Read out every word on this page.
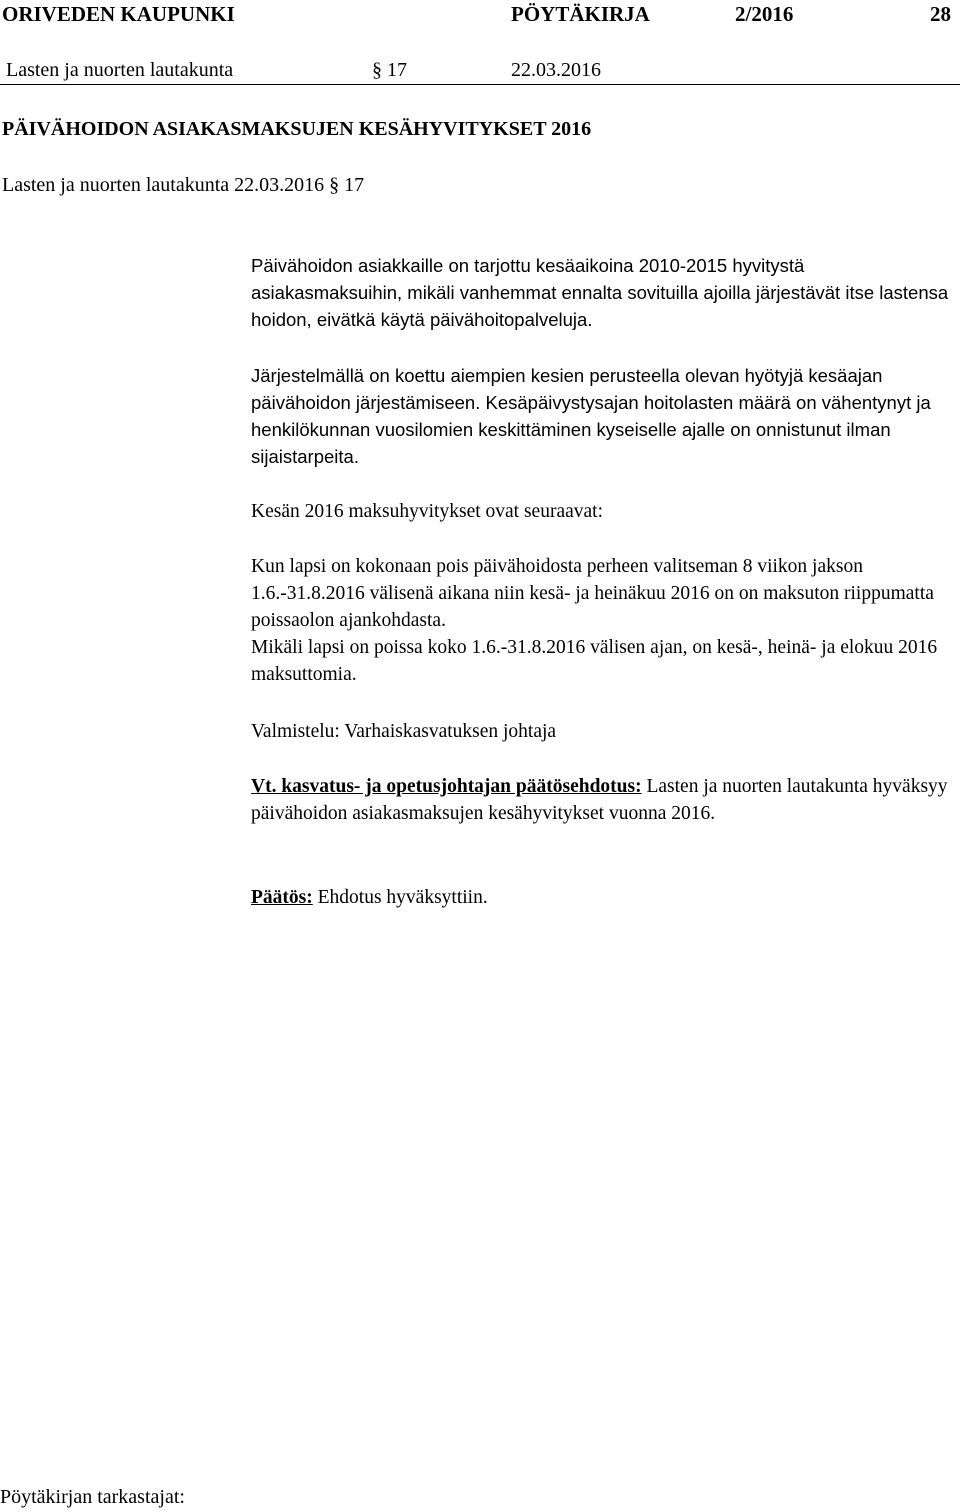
ORIVEDEN KAUPUNKI	PÖYTÄKIRJA	2/2016	28
Lasten ja nuorten lautakunta	§ 17	22.03.2016
PÄIVÄHOIDON ASIAKASMAKSUJEN KESÄHYVITYKSET 2016
Lasten ja nuorten lautakunta 22.03.2016 § 17

Päivähoidon asiakkaille on tarjottu kesäaikoina 2010-2015 hyvitystä asiakasmaksuihin, mikäli vanhemmat ennalta sovituilla ajoilla järjestävät itse lastensa hoidon, eivätkä käytä päivähoitopalveluja.

Järjestelmällä on koettu aiempien kesien perusteella olevan hyötyjä kesäajan päivähoidon järjestämiseen. Kesäpäivystysajan hoitolasten määrä on vähentynyt ja henkilökunnan vuosilomien keskittäminen kyseiselle ajalle on onnistunut ilman sijaistarpeita.

Kesän 2016 maksuhyvitykset ovat seuraavat:

Kun lapsi on kokonaan pois päivähoidosta perheen valitseman 8 viikon jakson 1.6.-31.8.2016 välisenä aikana niin kesä- ja heinäkuu 2016 on on maksuton riippumatta poissaolon ajankohdasta.

Mikäli lapsi on poissa koko 1.6.-31.8.2016 välisen ajan, on kesä-, heinä- ja elokuu 2016 maksuttomia.

Valmistelu: Varhaiskasvatuksen johtaja

Vt. kasvatus- ja opetusjohtajan päätösehdotus: Lasten ja nuorten lautakunta hyväksyy päivähoidon asiakasmaksujen kesähyvitykset vuonna 2016.

Päätös: Ehdotus hyväksyttiin.

Pöytäkirjan tarkastajat:
